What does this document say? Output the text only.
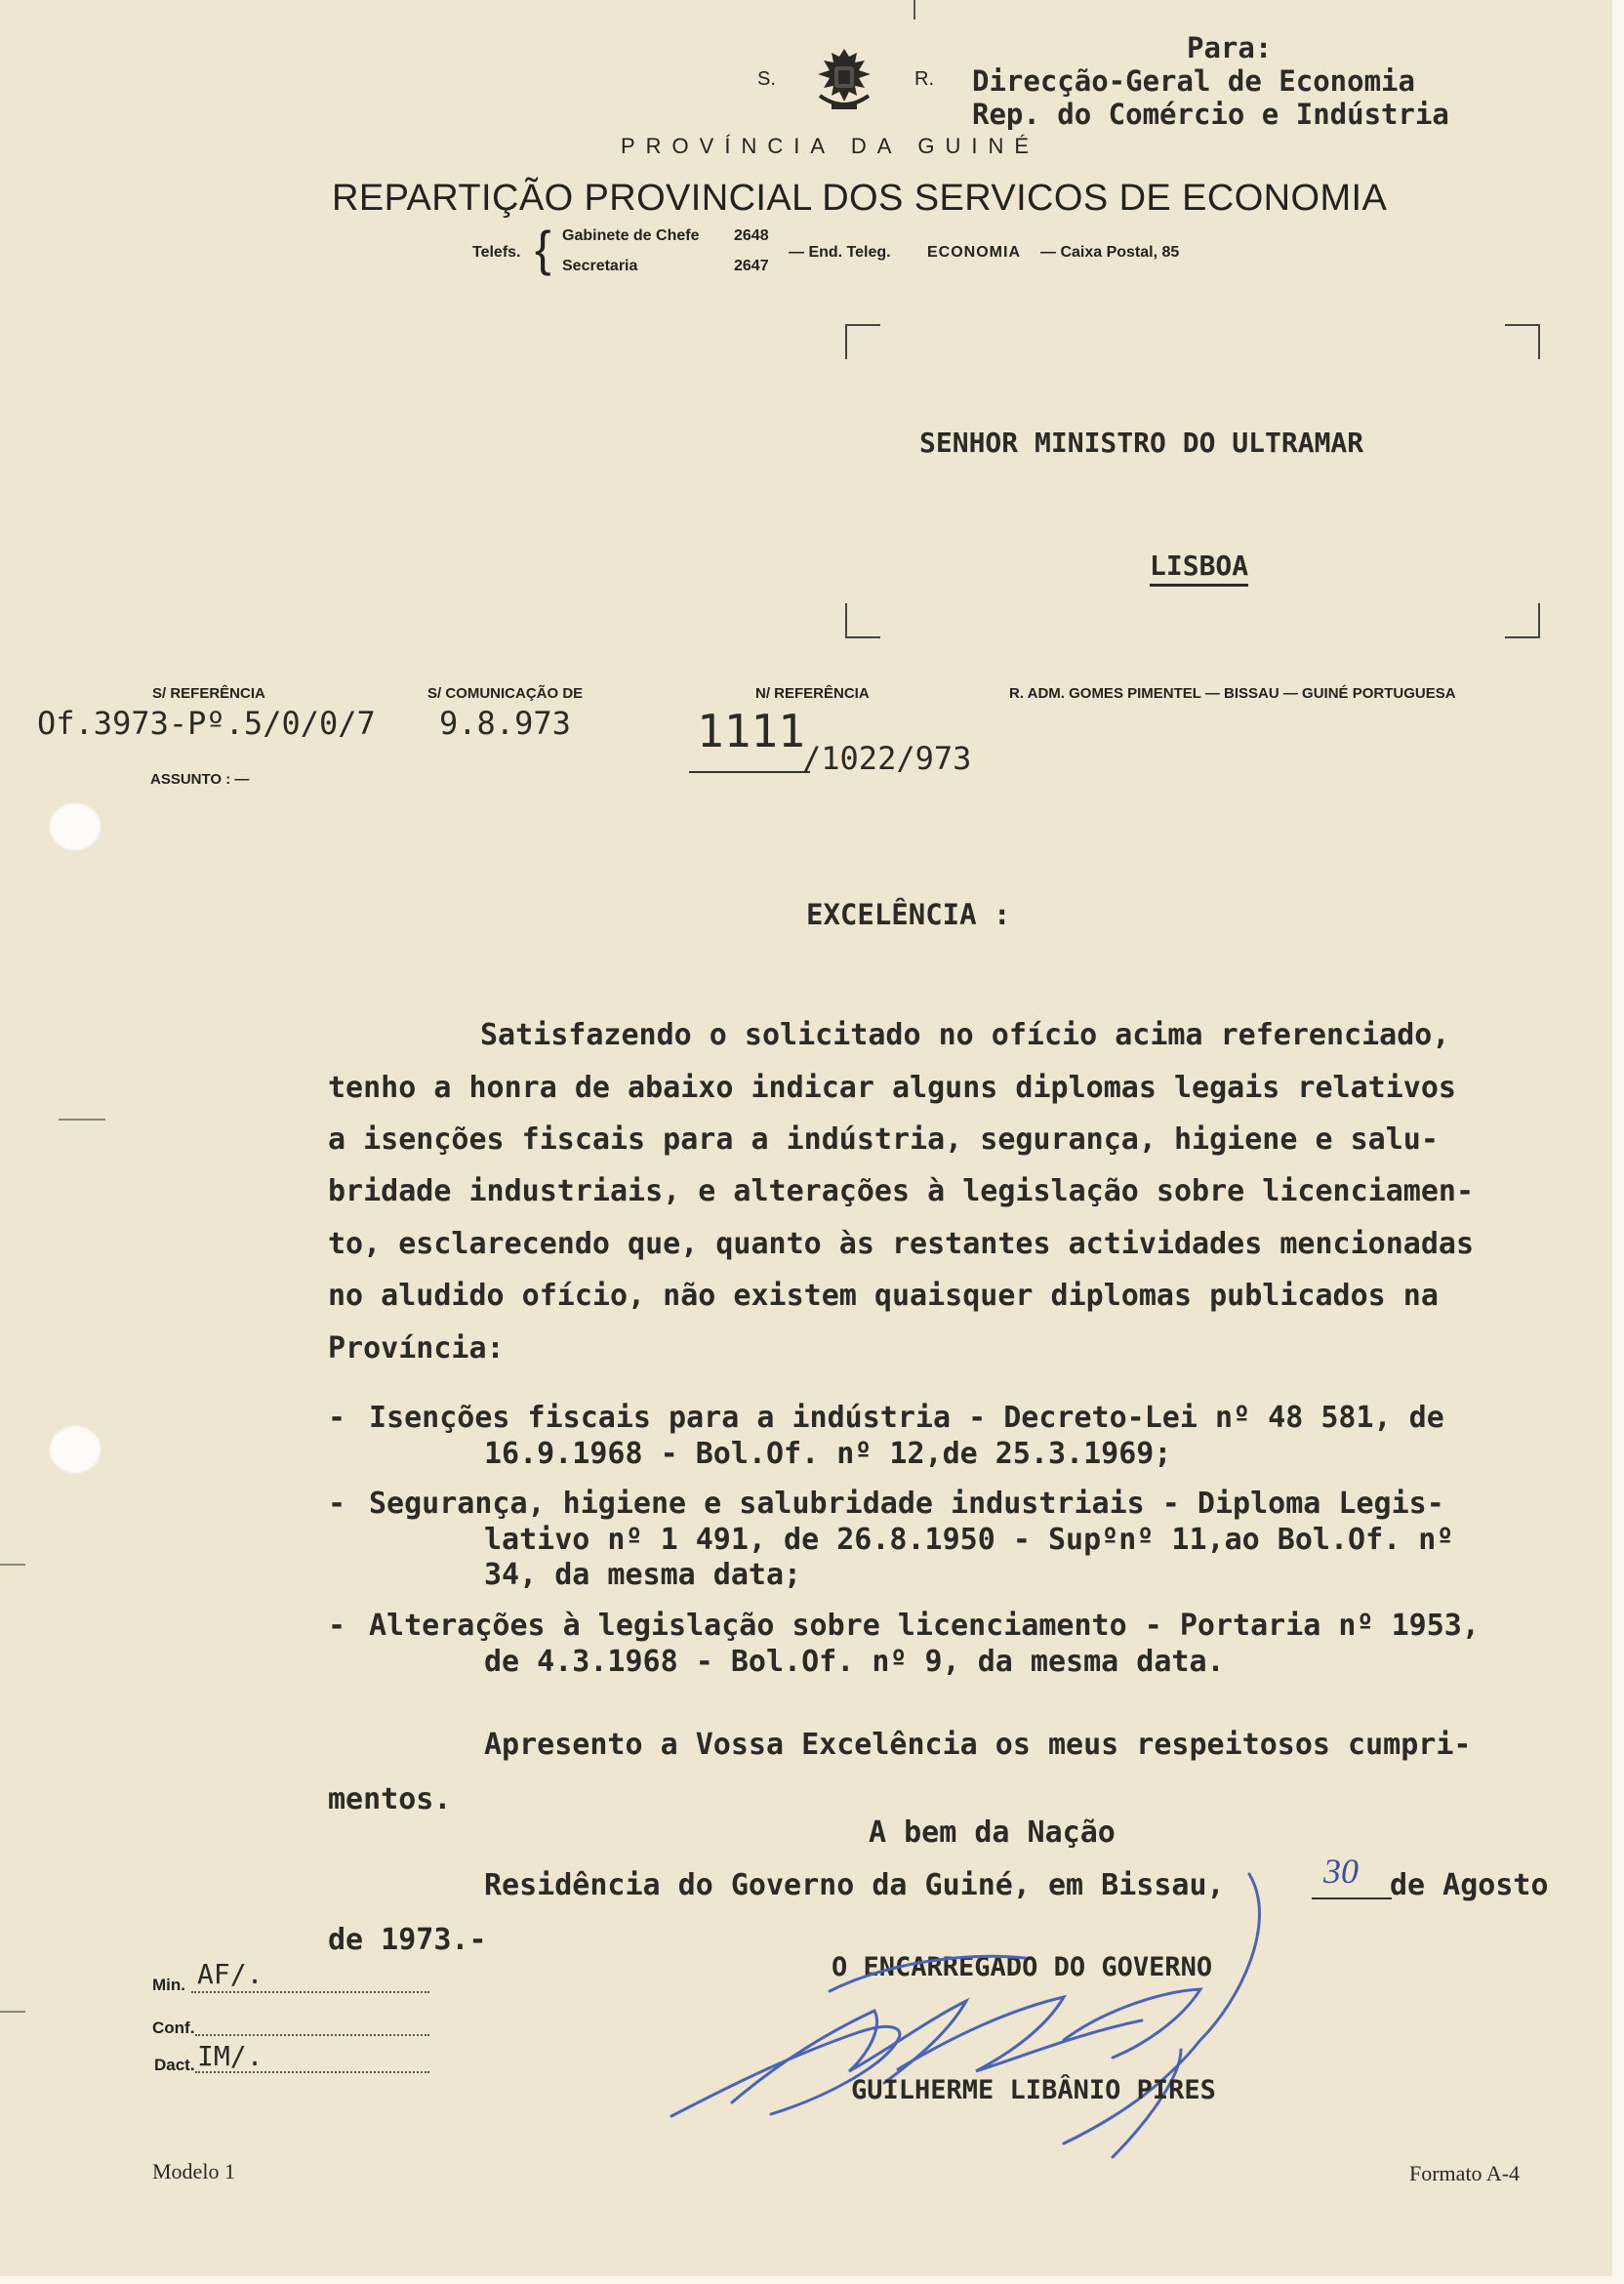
S.	R.
PROVÍNCIA DA GUINÉ
REPARTIÇÃO PROVINCIAL DOS SERVICOS DE ECONOMIA
Telefs. { Gabinete de Chefe 2648
Secretaria	2647
— End. Teleg. ECONOMIA — Caixa Postal, 85
Para:
Direcção-Geral de Economia
Rep. do Comércio e Indústria
SENHOR MINISTRO DO ULTRAMAR
LISBOA
S/ REFERÊNCIA
Of.3973-Pº.5/0/0/7
S/ COMUNICAÇÃO DE
9.8.973
N/ REFERÊNCIA
1111
/1022/973
R. ADM. GOMES PIMENTEL — BISSAU — GUINÉ PORTUGUESA
ASSUNTO : —
EXCELÊNCIA :
Satisfazendo o solicitado no ofício acima referenciado,
tenho a honra de abaixo indicar alguns diplomas legais relativos
a isenções fiscais para a indústria, segurança, higiene e salu-
bridade industriais, e alterações à legislação sobre licenciamen-
to, esclarecendo que, quanto às restantes actividades mencionadas
no aludido ofício, não existem quaisquer diplomas publicados na
Província:
- Isenções fiscais para a indústria - Decreto-Lei nº 48 581, de
16.9.1968 - Bol.Of. nº 12,de 25.3.1969;
- Segurança, higiene e salubridade industriais - Diploma Legis-
lativo nº 1 491, de 26.8.1950 - Supºnº 11,ao Bol.Of. nº
34, da mesma data;
- Alterações à legislação sobre licenciamento - Portaria nº 1953,
de 4.3.1968 - Bol.Of. nº 9, da mesma data.
Apresento a Vossa Excelência os meus respeitosos cumpri-
mentos.
A bem da Nação
Residência do Governo da Guiné, em Bissau,	30 de Agosto
de 1973.-
O ENCARREGADO DO GOVERNO
GUILHERME LIBÂNIO PIRES
Min. AF/.
Conf.
Dact. IM/.
Modelo 1	Formato A-4
